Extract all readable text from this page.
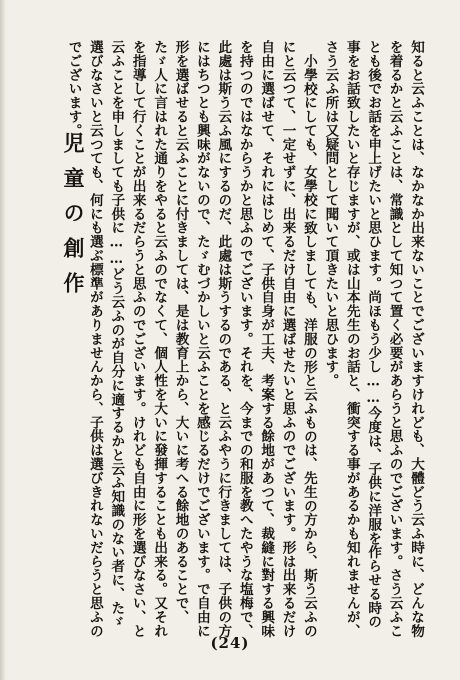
知ると云ふことは、なかなか出来ないことでございますけれども、大體どう云ふ時に、どんな物を着るかと云ふことは、常識として知つて置く必要があらうと思ふのでございます。さう云ふことも後でお話を申上げたいと思ひます。尚ほもう少し……今度は、子供に洋服を作らせる時の事をお話致したいと存じますが、或は山本先生のお話と、衝突する事があるかも知れませんが、さう云ふ所は又疑問として聞いて頂きたいと思ひます。

小學校にしても、女學校に致しましても、洋服の形と云ふものは、先生の方から、斯う云ふのにと云つて、一定せずに、出来るだけ自由に選ばせたいと思ふのでございます。形は出来るだけ自由に選ばせて、それにはじめて、子供自身が工夫、考案する餘地があつて、裁縫に對する興味を持つのではなからうかと思ふのでございます。それを、今までの和服を教へたやうな塩梅で、此處は斯う云ふ風にするのだ、此處は斯うするのである、と云ふやうに行きましては、子供の方にはちつとも興味がないので、たゞむづかしいと云ふことを感じるだけでございます。で自由に形を選ばせると云ふことに付きましては、是は教育上から、大いに考へる餘地のあることで、たゞ人に言はれた通りをやると云ふのでなくて、個人性を大いに發揮することも出来る。又それを指導して行くことが出来るだらうと思ふのでございます。けれども自由に形を選びなさい、と云ふことを申しましても子供に……どう云ふのが自分に適するかと云ふ知識のない者に、たゞ選びなさいと云つても、何にも選ぶ標準がありませんから、子供は選びきれないだらうと思ふのでございます。

児童の創作
(24)
